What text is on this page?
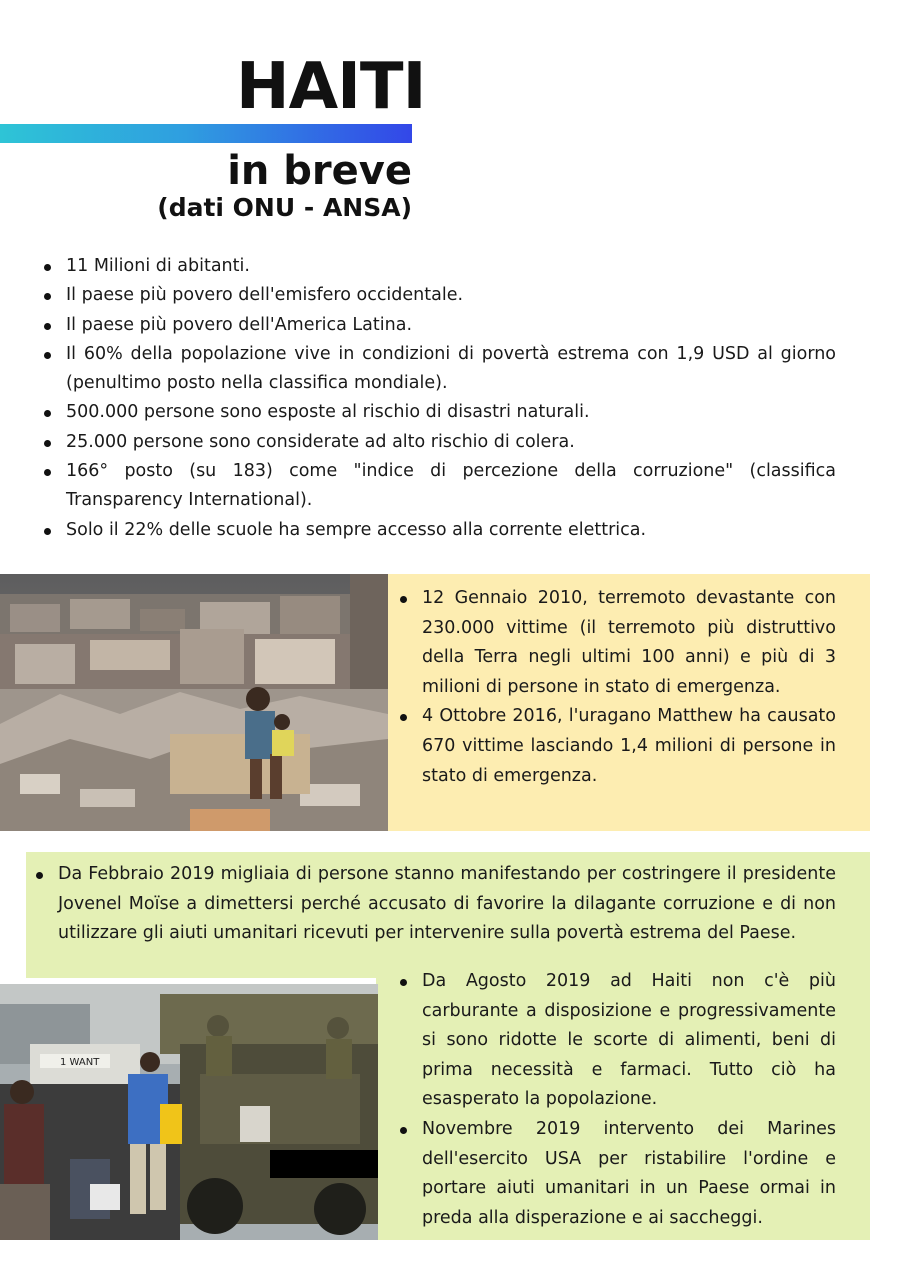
HAITI
in breve
(dati ONU - ANSA)
11 Milioni di abitanti.
Il paese più povero dell'emisfero occidentale.
Il paese più povero dell'America Latina.
Il 60% della popolazione vive in condizioni di povertà estrema con 1,9 USD al giorno (penultimo posto nella classifica mondiale).
500.000 persone sono esposte al rischio di disastri naturali.
25.000 persone sono considerate ad alto rischio di colera.
166° posto (su 183) come "indice di percezione della corruzione" (classifica Transparency International).
Solo il 22% delle scuole ha sempre accesso alla corrente elettrica.
12 Gennaio 2010, terremoto devastante con 230.000 vittime (il terremoto più distruttivo della Terra negli ultimi 100 anni) e più di 3 milioni di persone in stato di emergenza.
4 Ottobre 2016, l'uragano Matthew ha causato 670 vittime lasciando 1,4 milioni di persone in stato di emergenza.
Da Febbraio 2019 migliaia di persone stanno manifestando per costringere il presidente Jovenel Moïse a dimettersi perché accusato di favorire la dilagante corruzione e di non utilizzare gli aiuti umanitari ricevuti per intervenire sulla povertà estrema del Paese.
1 WANT
Da Agosto 2019 ad Haiti non c'è più carburante a disposizione e progressivamente si sono ridotte le scorte di alimenti, beni di prima necessità e farmaci. Tutto ciò ha esasperato la popolazione.
Novembre 2019 intervento dei Marines dell'esercito USA per ristabilire l'ordine e portare aiuti umanitari in un Paese ormai in preda alla disperazione e ai saccheggi.
